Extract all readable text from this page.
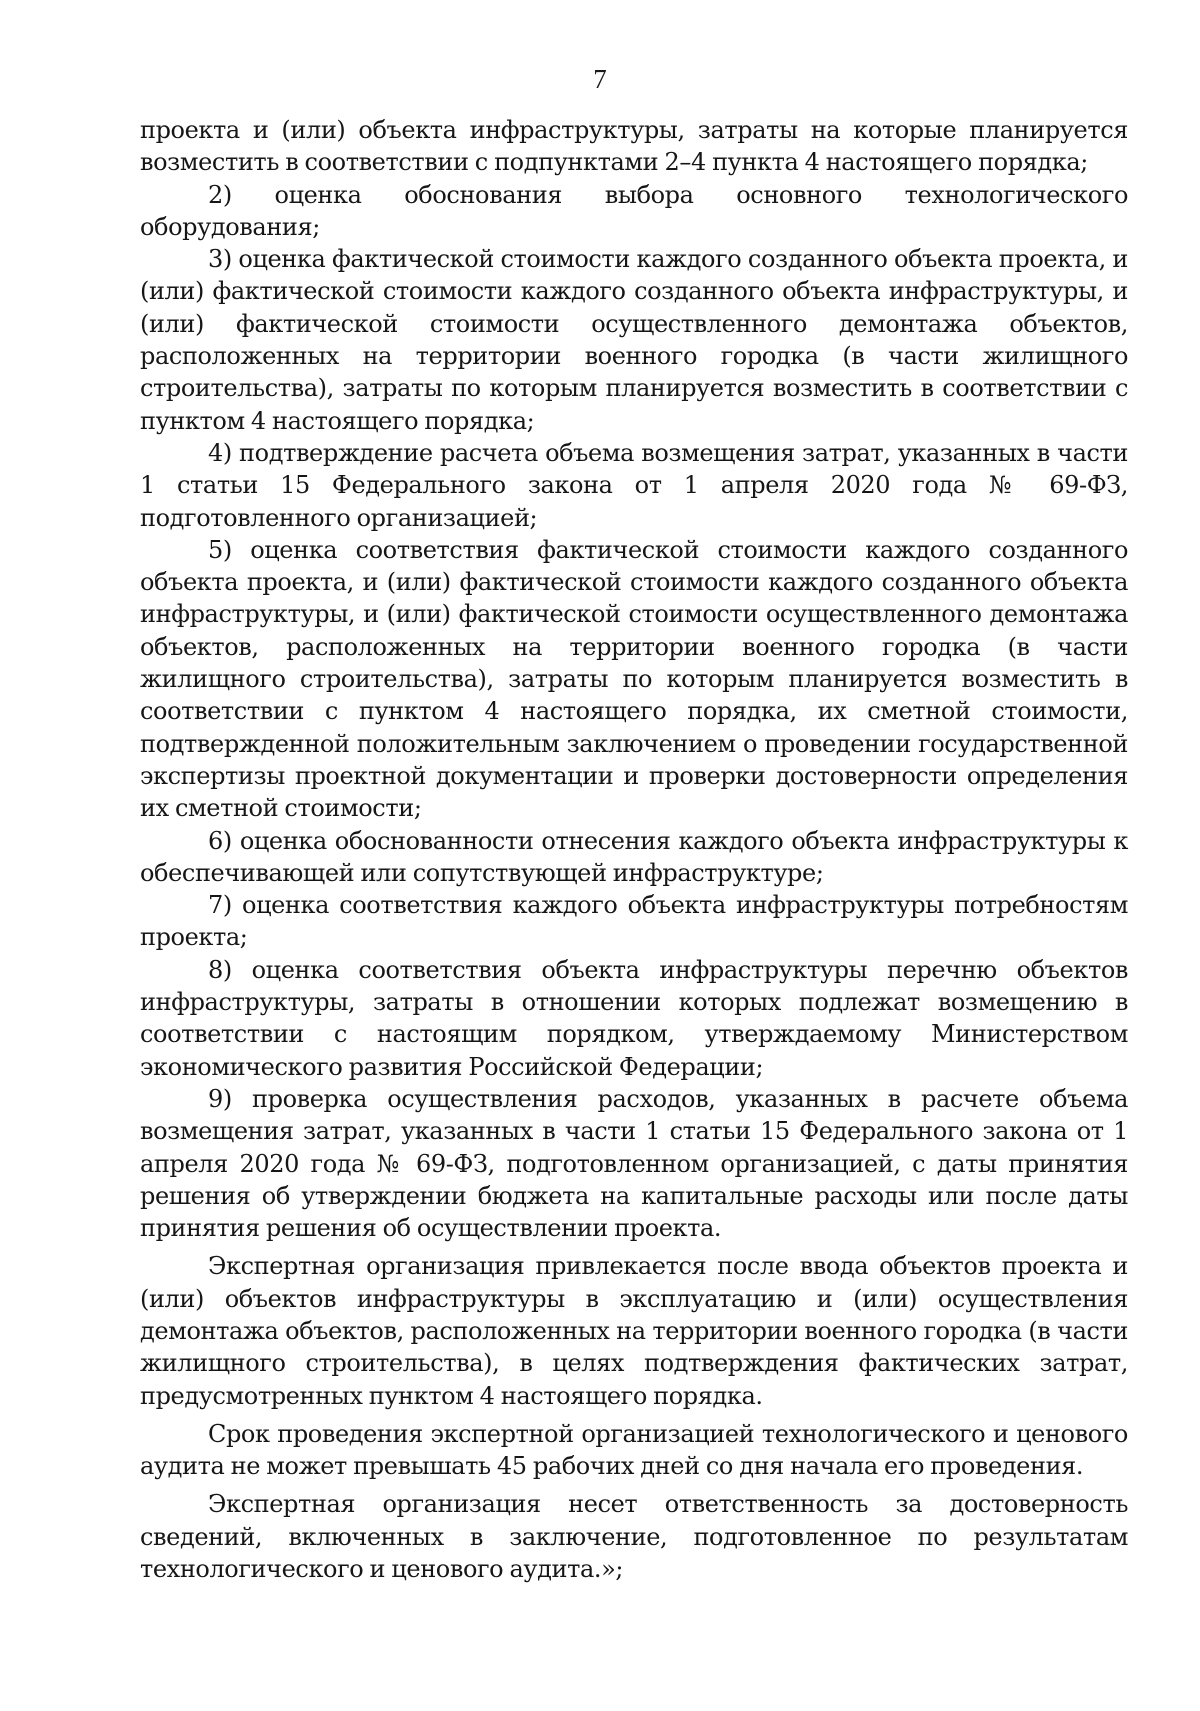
7

проекта и (или) объекта инфраструктуры, затраты на которые планируется возместить в соответствии с подпунктами 2–4 пункта 4 настоящего порядка;

2) оценка обоснования выбора основного технологического оборудования;

3) оценка фактической стоимости каждого созданного объекта проекта, и (или) фактической стоимости каждого созданного объекта инфраструктуры, и (или) фактической стоимости осуществленного демонтажа объектов, расположенных на территории военного городка (в части жилищного строительства), затраты по которым планируется возместить в соответствии с пунктом 4 настоящего порядка;

4) подтверждение расчета объема возмещения затрат, указанных в части 1 статьи 15 Федерального закона от 1 апреля 2020 года № 69-ФЗ, подготовленного организацией;

5) оценка соответствия фактической стоимости каждого созданного объекта проекта, и (или) фактической стоимости каждого созданного объекта инфраструктуры, и (или) фактической стоимости осуществленного демонтажа объектов, расположенных на территории военного городка (в части жилищного строительства), затраты по которым планируется возместить в соответствии с пунктом 4 настоящего порядка, их сметной стоимости, подтвержденной положительным заключением о проведении государственной экспертизы проектной документации и проверки достоверности определения их сметной стоимости;

6) оценка обоснованности отнесения каждого объекта инфраструктуры к обеспечивающей или сопутствующей инфраструктуре;

7) оценка соответствия каждого объекта инфраструктуры потребностям проекта;

8) оценка соответствия объекта инфраструктуры перечню объектов инфраструктуры, затраты в отношении которых подлежат возмещению в соответствии с настоящим порядком, утверждаемому Министерством экономического развития Российской Федерации;

9) проверка осуществления расходов, указанных в расчете объема возмещения затрат, указанных в части 1 статьи 15 Федерального закона от 1 апреля 2020 года № 69-ФЗ, подготовленном организацией, с даты принятия решения об утверждении бюджета на капитальные расходы или после даты принятия решения об осуществлении проекта.

Экспертная организация привлекается после ввода объектов проекта и (или) объектов инфраструктуры в эксплуатацию и (или) осуществления демонтажа объектов, расположенных на территории военного городка (в части жилищного строительства), в целях подтверждения фактических затрат, предусмотренных пунктом 4 настоящего порядка.

Срок проведения экспертной организацией технологического и ценового аудита не может превышать 45 рабочих дней со дня начала его проведения.

Экспертная организация несет ответственность за достоверность сведений, включенных в заключение, подготовленное по результатам технологического и ценового аудита.»;
